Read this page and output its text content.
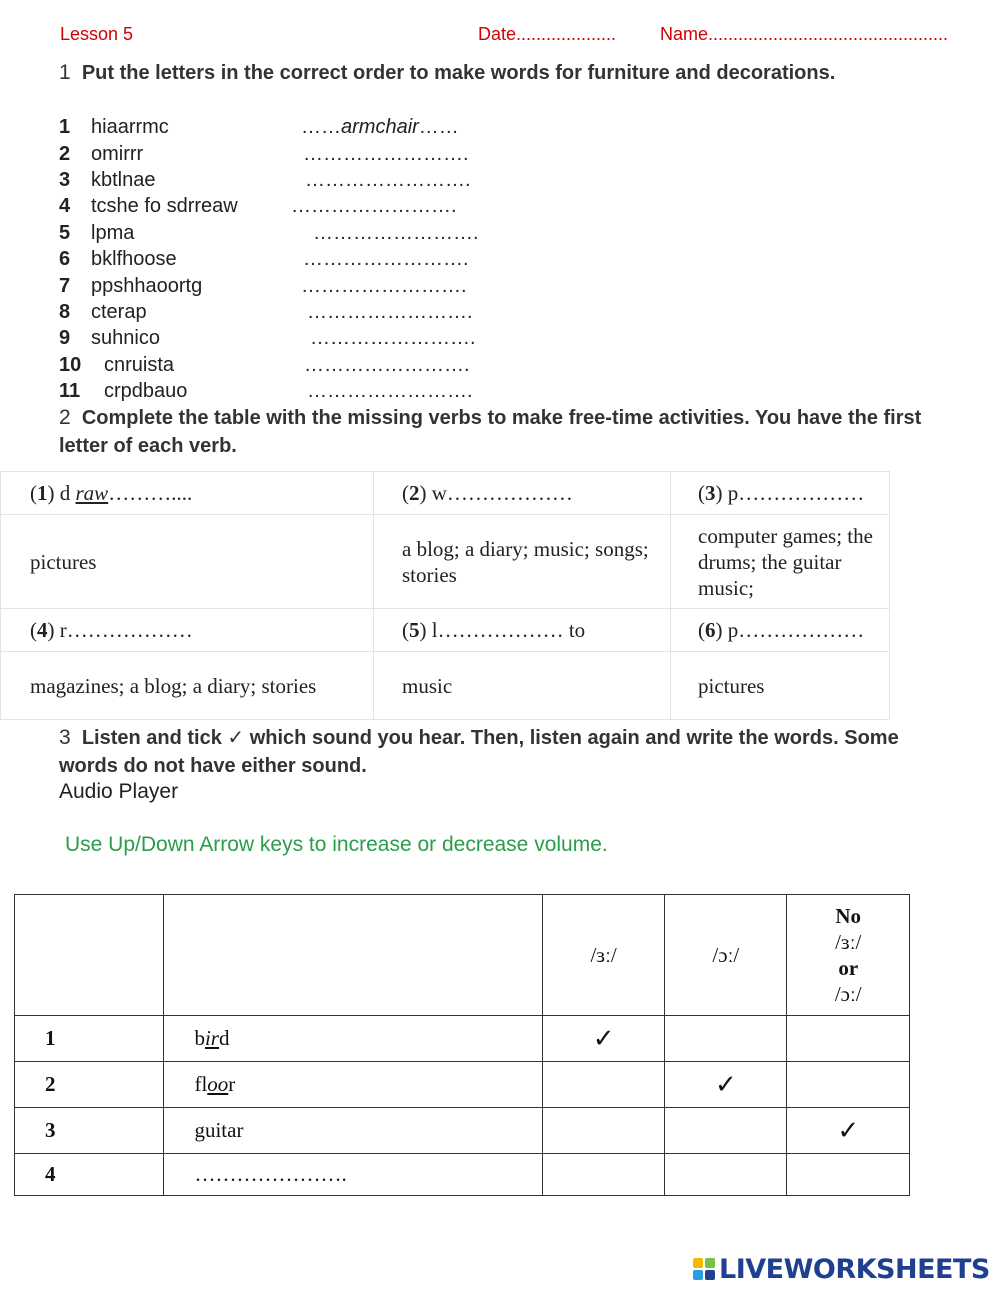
Lesson 5	Date.................... Name................................................
1 Put the letters in the correct order to make words for furniture and decorations.
1 hiaarrmc	……armchair……
2 omirrr	…………………….
3 kbtlnae	…………………….
4 tcshe fo sdrreaw	…………………….
5 lpma	…………………….
6 bklfhoose	…………………….
7 ppshhaoortg	…………………….
8 cterap	…………………….
9 suhnico	…………………….
10 cnruista	…………………….
11 crpdbauo	…………………….
2 Complete the table with the missing verbs to make free-time activities. You have the first letter of each verb.
(1) d raw………....	(2) w………………	(3) p………………
pictures	a blog; a diary; music; songs; stories	computer games; the drums; the guitar music;
(4) r………………	(5) l……………… to	(6) p………………
magazines; a blog; a diary; stories	music	pictures
3 Listen and tick ✓ which sound you hear. Then, listen again and write the words. Some words do not have either sound.
Audio Player
Use Up/Down Arrow keys to increase or decrease volume.
		/ɜː/	/ɔː/	No
/ɜː/
or
/ɔː/

1	bird	✓		
2	floor		✓	
3	guitar			✓
4	………………….			
LIVEWORKSHEETS
